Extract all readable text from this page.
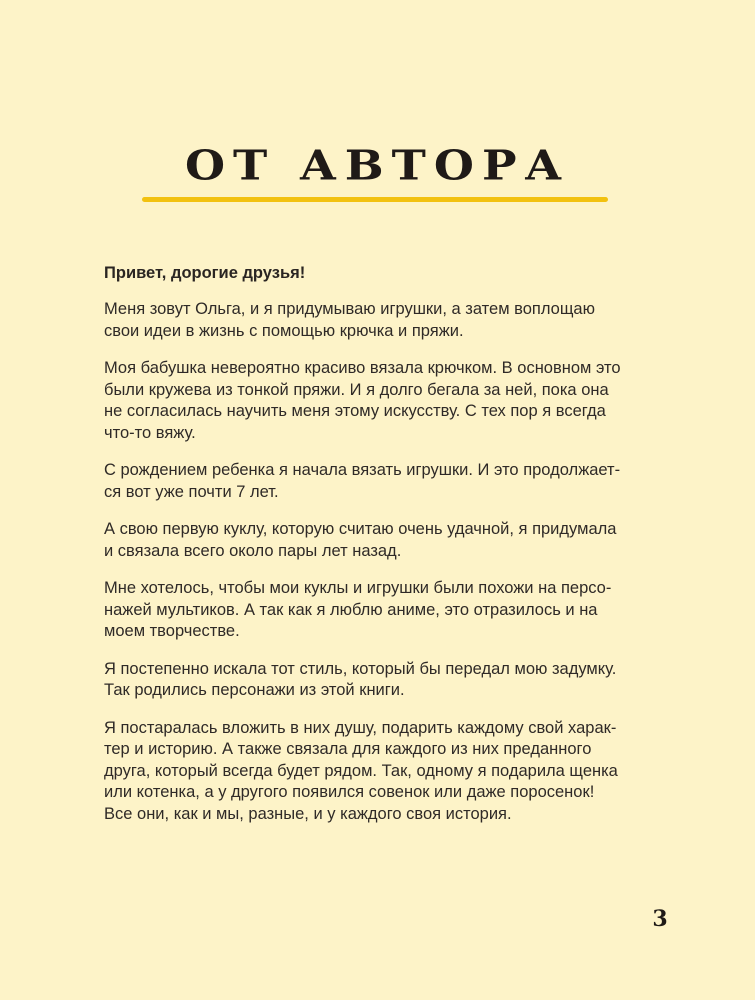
ОТ АВТОРА

Привет, дорогие друзья!

Меня зовут Ольга, и я придумываю игрушки, а затем воплощаю свои идеи в жизнь с помощью крючка и пряжи.

Моя бабушка невероятно красиво вязала крючком. В основном это были кружева из тонкой пряжи. И я долго бегала за ней, пока она не согласилась научить меня этому искусству. С тех пор я всегда что-то вяжу.

С рождением ребенка я начала вязать игрушки. И это продолжает-ся вот уже почти 7 лет.

А свою первую куклу, которую считаю очень удачной, я придумала и связала всего около пары лет назад.

Мне хотелось, чтобы мои куклы и игрушки были похожи на персо-нажей мультиков. А так как я люблю аниме, это отразилось и на моем творчестве.

Я постепенно искала тот стиль, который бы передал мою задумку. Так родились персонажи из этой книги.

Я постаралась вложить в них душу, подарить каждому свой харак-тер и историю. А также связала для каждого из них преданного друга, который всегда будет рядом. Так, одному я подарила щенка или котенка, а у другого появился совенок или даже поросенок! Все они, как и мы, разные, и у каждого своя история.

3
